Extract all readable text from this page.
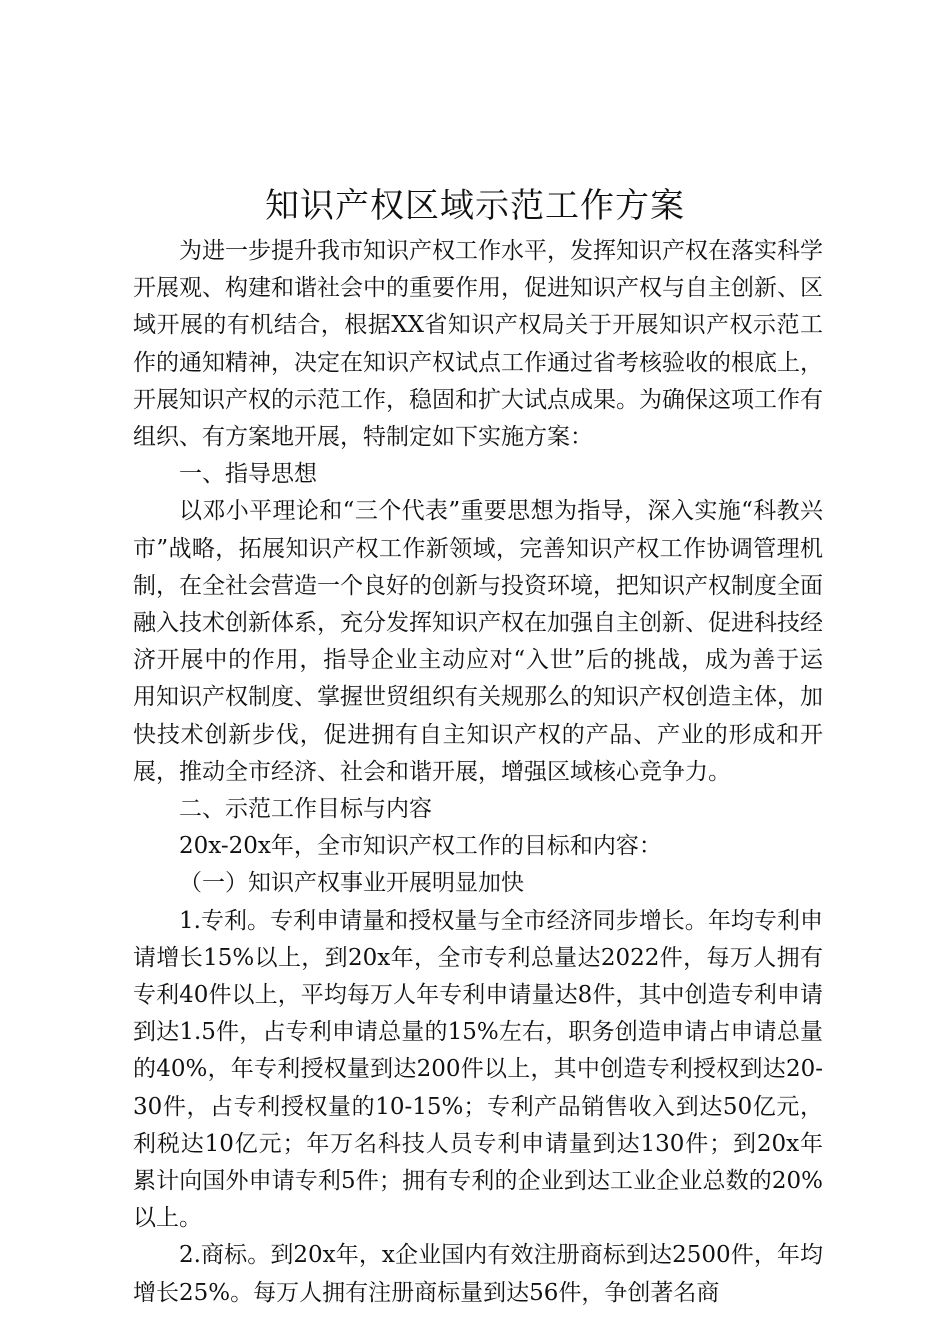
知识产权区域示范工作方案

为进一步提升我市知识产权工作水平，发挥知识产权在落实科学开展观、构建和谐社会中的重要作用，促进知识产权与自主创新、区域开展的有机结合，根据XX省知识产权局关于开展知识产权示范工作的通知精神，决定在知识产权试点工作通过省考核验收的根底上，开展知识产权的示范工作，稳固和扩大试点成果。为确保这项工作有组织、有方案地开展，特制定如下实施方案：

一、指导思想

以邓小平理论和“三个代表”重要思想为指导，深入实施“科教兴市”战略，拓展知识产权工作新领域，完善知识产权工作协调管理机制，在全社会营造一个良好的创新与投资环境，把知识产权制度全面融入技术创新体系，充分发挥知识产权在加强自主创新、促进科技经济开展中的作用，指导企业主动应对“入世”后的挑战，成为善于运用知识产权制度、掌握世贸组织有关规那么的知识产权创造主体，加快技术创新步伐，促进拥有自主知识产权的产品、产业的形成和开展，推动全市经济、社会和谐开展，增强区域核心竞争力。

二、示范工作目标与内容

20x-20x年，全市知识产权工作的目标和内容：

（一）知识产权事业开展明显加快

1.专利。专利申请量和授权量与全市经济同步增长。年均专利申请增长15%以上，到20x年，全市专利总量达2022件，每万人拥有专利40件以上，平均每万人年专利申请量达8件，其中创造专利申请到达1.5件，占专利申请总量的15%左右，职务创造申请占申请总量的40%，年专利授权量到达200件以上，其中创造专利授权到达20-30件，占专利授权量的10-15%；专利产品销售收入到达50亿元，利税达10亿元；年万名科技人员专利申请量到达130件；到20x年累计向国外申请专利5件；拥有专利的企业到达工业企业总数的20%以上。

2.商标。到20x年，x企业国内有效注册商标到达2500件，年均增长25%。每万人拥有注册商标量到达56件，争创著名商
